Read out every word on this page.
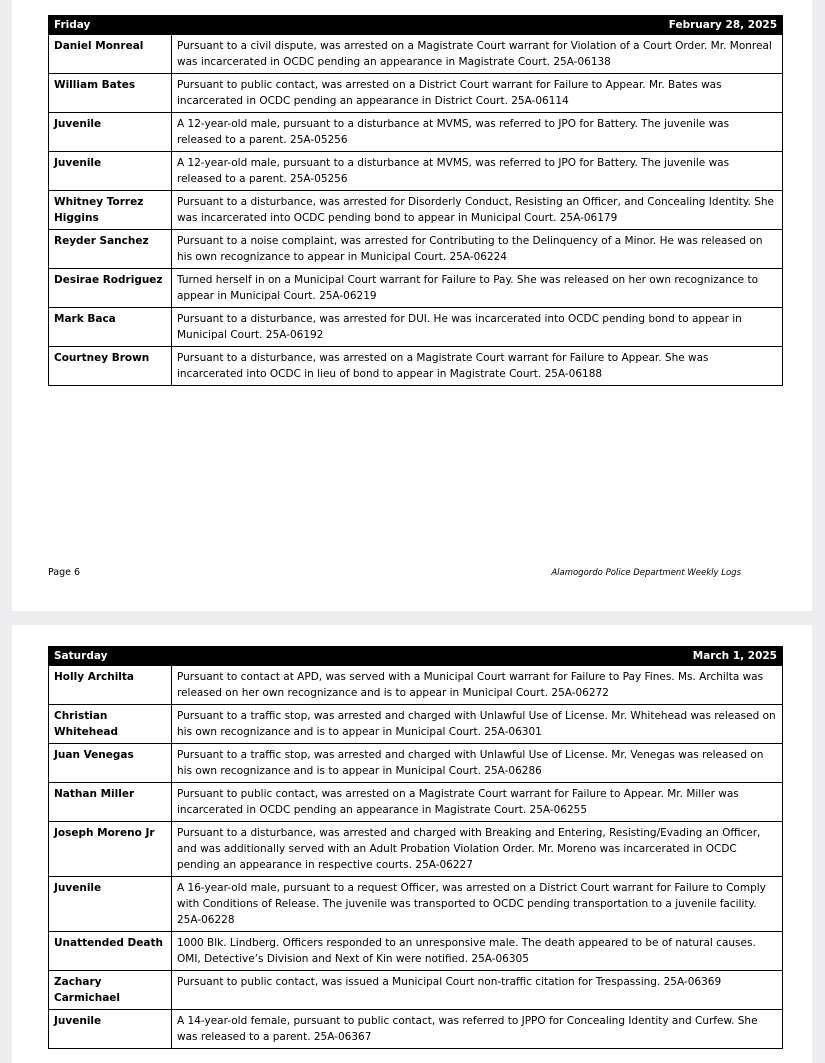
Friday	February 28, 2025
Daniel Monreal	Pursuant to a civil dispute, was arrested on a Magistrate Court warrant for Violation of a Court Order. Mr. Monreal was incarcerated in OCDC pending an appearance in Magistrate Court. 25A-06138
William Bates	Pursuant to public contact, was arrested on a District Court warrant for Failure to Appear. Mr. Bates was incarcerated in OCDC pending an appearance in District Court. 25A-06114
Juvenile	A 12-year-old male, pursuant to a disturbance at MVMS, was referred to JPO for Battery. The juvenile was released to a parent. 25A-05256
Juvenile	A 12-year-old male, pursuant to a disturbance at MVMS, was referred to JPO for Battery. The juvenile was released to a parent. 25A-05256
Whitney Torrez Higgins	Pursuant to a disturbance, was arrested for Disorderly Conduct, Resisting an Officer, and Concealing Identity. She was incarcerated into OCDC pending bond to appear in Municipal Court. 25A-06179
Reyder Sanchez	Pursuant to a noise complaint, was arrested for Contributing to the Delinquency of a Minor. He was released on his own recognizance to appear in Municipal Court. 25A-06224
Desirae Rodriguez	Turned herself in on a Municipal Court warrant for Failure to Pay. She was released on her own recognizance to appear in Municipal Court. 25A-06219
Mark Baca	Pursuant to a disturbance, was arrested for DUI. He was incarcerated into OCDC pending bond to appear in Municipal Court. 25A-06192
Courtney Brown	Pursuant to a disturbance, was arrested on a Magistrate Court warrant for Failure to Appear. She was incarcerated into OCDC in lieu of bond to appear in Magistrate Court. 25A-06188
Page 6	Alamogordo Police Department Weekly Logs
Saturday	March 1, 2025
Holly Archilta	Pursuant to contact at APD, was served with a Municipal Court warrant for Failure to Pay Fines. Ms. Archilta was released on her own recognizance and is to appear in Municipal Court. 25A-06272
Christian Whitehead	Pursuant to a traffic stop, was arrested and charged with Unlawful Use of License. Mr. Whitehead was released on his own recognizance and is to appear in Municipal Court. 25A-06301
Juan Venegas	Pursuant to a traffic stop, was arrested and charged with Unlawful Use of License. Mr. Venegas was released on his own recognizance and is to appear in Municipal Court. 25A-06286
Nathan Miller	Pursuant to public contact, was arrested on a Magistrate Court warrant for Failure to Appear. Mr. Miller was incarcerated in OCDC pending an appearance in Magistrate Court. 25A-06255
Joseph Moreno Jr	Pursuant to a disturbance, was arrested and charged with Breaking and Entering, Resisting/Evading an Officer, and was additionally served with an Adult Probation Violation Order. Mr. Moreno was incarcerated in OCDC pending an appearance in respective courts. 25A-06227
Juvenile	A 16-year-old male, pursuant to a request Officer, was arrested on a District Court warrant for Failure to Comply with Conditions of Release. The juvenile was transported to OCDC pending transportation to a juvenile facility. 25A-06228
Unattended Death	1000 Blk. Lindberg. Officers responded to an unresponsive male. The death appeared to be of natural causes. OMI, Detective’s Division and Next of Kin were notified. 25A-06305
Zachary Carmichael	Pursuant to public contact, was issued a Municipal Court non-traffic citation for Trespassing. 25A-06369
Juvenile	A 14-year-old female, pursuant to public contact, was referred to JPPO for Concealing Identity and Curfew. She was released to a parent. 25A-06367
